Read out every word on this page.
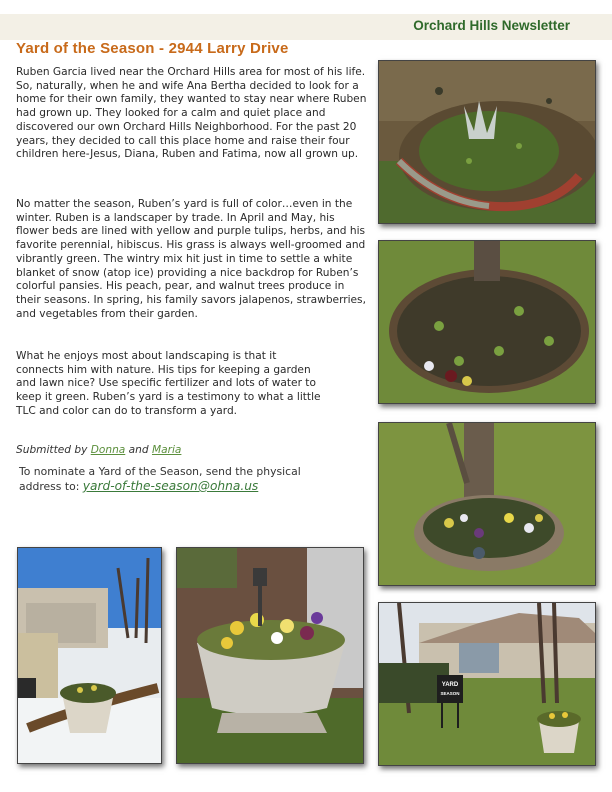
Orchard Hills Newsletter
Yard of the Season - 2944 Larry Drive
Ruben Garcia lived near the Orchard Hills area for most of his life. So, naturally, when he and wife Ana Bertha decided to look for a home for their own family, they wanted to stay near where Ruben had grown up. They looked for a calm and quiet place and discovered our own Orchard Hills Neighborhood. For the past 20 years, they decided to call this place home and raise their four children here-Jesus, Diana, Ruben and Fatima, now all grown up.
No matter the season, Ruben’s yard is full of color…even in the winter. Ruben is a landscaper by trade. In April and May, his flower beds are lined with yellow and purple tulips, herbs, and his favorite perennial, hibiscus. His grass is always well-groomed and vibrantly green. The wintry mix hit just in time to settle a white blanket of snow (atop ice) providing a nice backdrop for Ruben’s colorful pansies. His peach, pear, and walnut trees produce in their seasons. In spring, his family savors jalapenos, strawberries, and vegetables from their garden.
What he enjoys most about landscaping is that it connects him with nature. His tips for keeping a garden and lawn nice? Use specific fertilizer and lots of water to keep it green. Ruben’s yard is a testimony to what a little TLC and color can do to transform a yard.
Submitted by Donna and Maria
To nominate a Yard of the Season, send the physical address to: yard-of-the-season@ohna.us
YARD
SEASON
